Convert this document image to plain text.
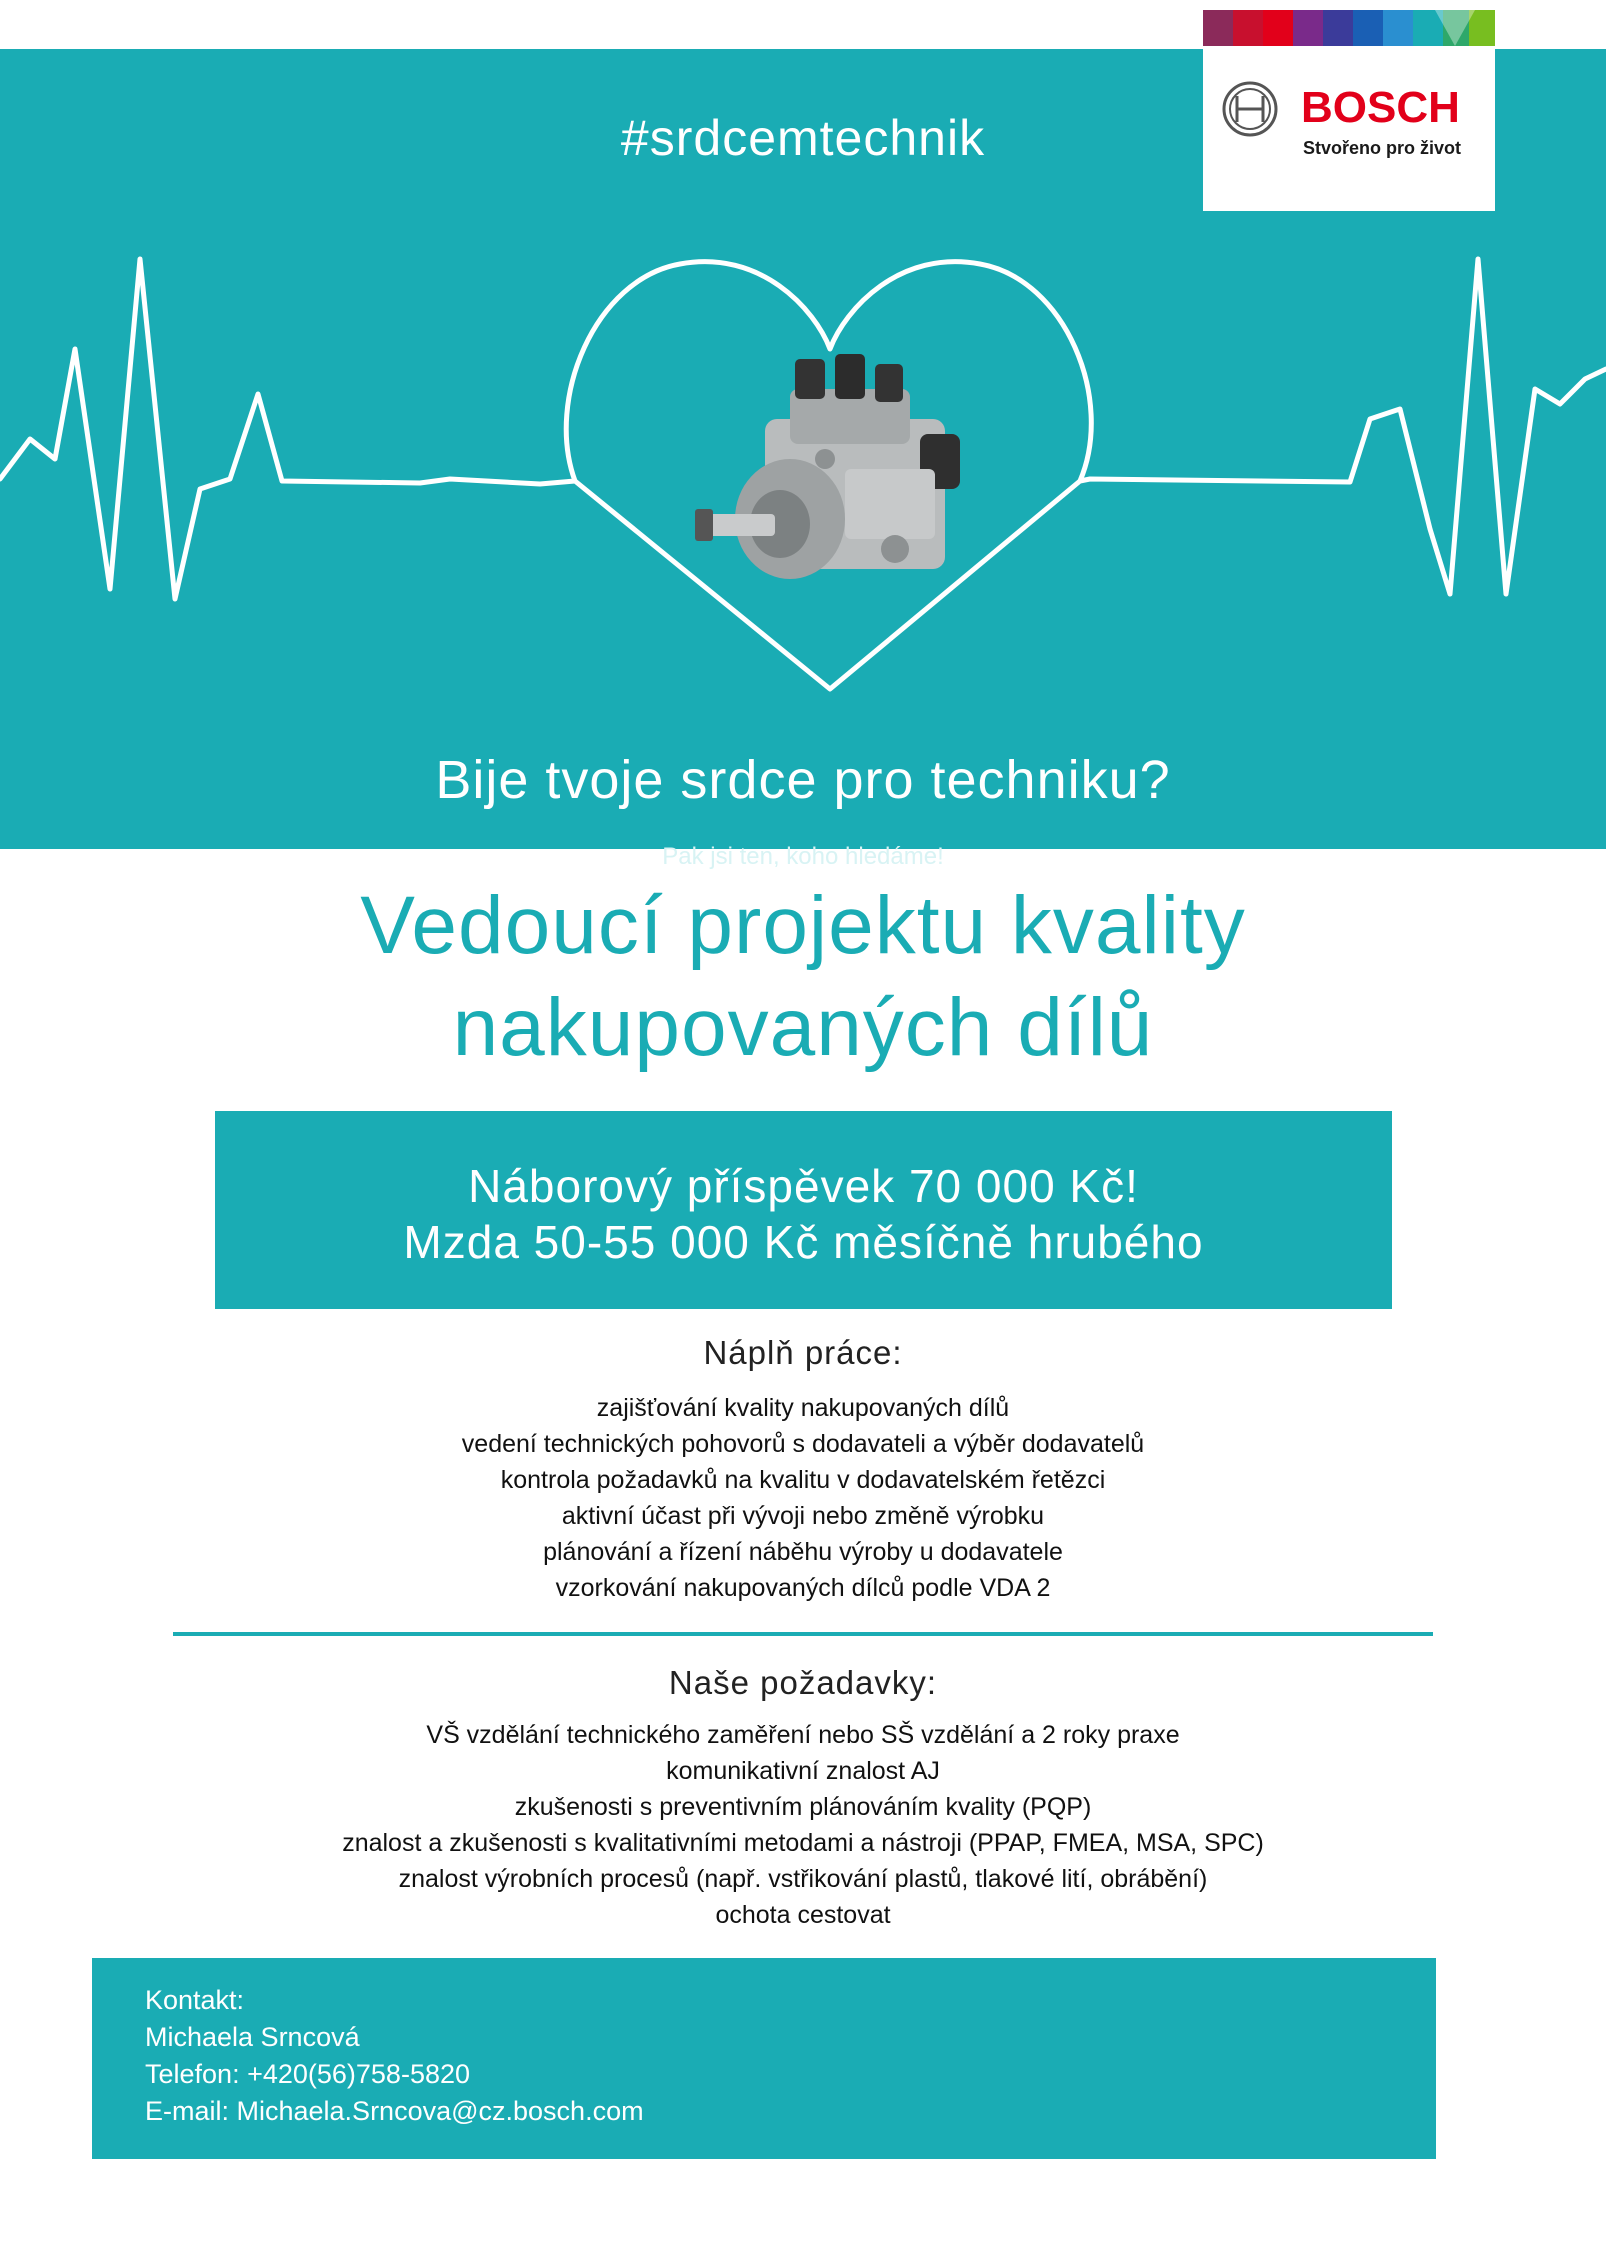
#srdcemtechnik
Bije tvoje srdce pro techniku?
Pak jsi ten, koho hledáme!
BOSCH
Stvořeno pro život
Vedoucí projektu kvality
nakupovaných dílů
Náborový příspěvek 70 000 Kč!
Mzda 50-55 000 Kč měsíčně hrubého
Náplň práce:
zajišťování kvality nakupovaných dílů
vedení technických pohovorů s dodavateli a výběr dodavatelů
kontrola požadavků na kvalitu v dodavatelském řetězci
aktivní účast při vývoji nebo změně výrobku
plánování a řízení náběhu výroby u dodavatele
vzorkování nakupovaných dílců podle VDA 2
Naše požadavky:
VŠ vzdělání technického zaměření nebo SŠ vzdělání a 2 roky praxe
komunikativní znalost AJ
zkušenosti s preventivním plánováním kvality (PQP)
znalost a zkušenosti s kvalitativními metodami a nástroji (PPAP, FMEA, MSA, SPC)
znalost výrobních procesů (např. vstřikování plastů, tlakové lití, obrábění)
ochota cestovat
Kontakt:
Michaela Srncová
Telefon: +420(56)758-5820
E-mail: Michaela.Srncova@cz.bosch.com
